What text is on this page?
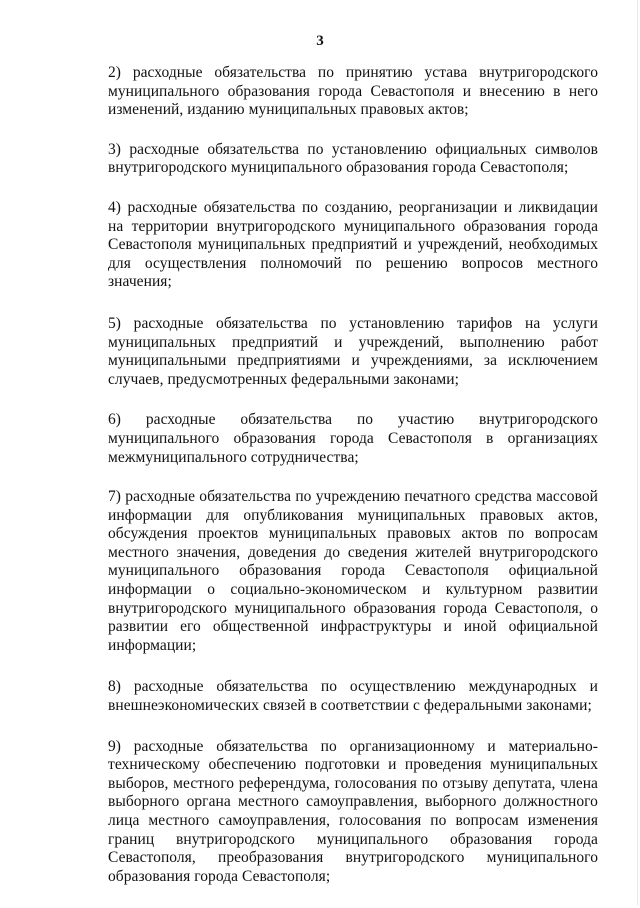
3

2) расходные обязательства по принятию устава внутригородского муниципального образования города Севастополя и внесению в него изменений, изданию муниципальных правовых актов;

3) расходные обязательства по установлению официальных символов внутригородского муниципального образования города Севастополя;

4) расходные обязательства по созданию, реорганизации и ликвидации на территории внутригородского муниципального образования города Севастополя муниципальных предприятий и учреждений, необходимых для осуществления полномочий по решению вопросов местного значения;

5) расходные обязательства по установлению тарифов на услуги муниципальных предприятий и учреждений, выполнению работ муниципальными предприятиями и учреждениями, за исключением случаев, предусмотренных федеральными законами;

6) расходные обязательства по участию внутригородского муниципального образования города Севастополя в организациях межмуниципального сотрудничества;

7) расходные обязательства по учреждению печатного средства массовой информации для опубликования муниципальных правовых актов, обсуждения проектов муниципальных правовых актов по вопросам местного значения, доведения до сведения жителей внутригородского муниципального образования города Севастополя официальной информации о социально-экономическом и культурном развитии внутригородского муниципального образования города Севастополя, о развитии его общественной инфраструктуры и иной официальной информации;

8) расходные обязательства по осуществлению международных и внешнеэкономических связей в соответствии с федеральными законами;

9) расходные обязательства по организационному и материально-техническому обеспечению подготовки и проведения муниципальных выборов, местного референдума, голосования по отзыву депутата, члена выборного органа местного самоуправления, выборного должностного лица местного самоуправления, голосования по вопросам изменения границ внутригородского муниципального образования города Севастополя, преобразования внутригородского муниципального образования города Севастополя;
